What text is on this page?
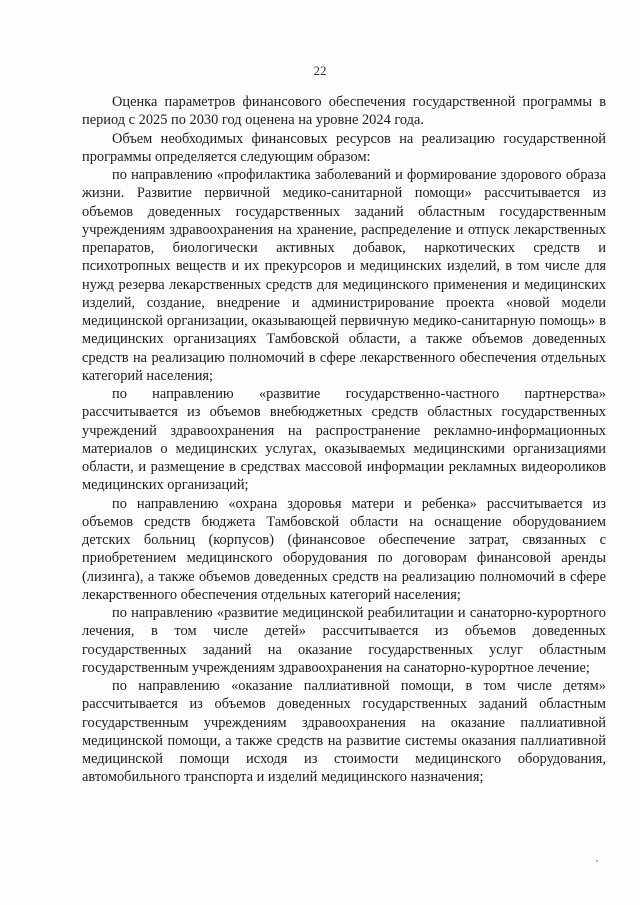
22

Оценка параметров финансового обеспечения государственной программы в период с 2025 по 2030 год оценена на уровне 2024 года.

Объем необходимых финансовых ресурсов на реализацию государственной программы определяется следующим образом:

по направлению «профилактика заболеваний и формирование здорового образа жизни. Развитие первичной медико-санитарной помощи» рассчитывается из объемов доведенных государственных заданий областным государственным учреждениям здравоохранения на хранение, распределение и отпуск лекарственных препаратов, биологически активных добавок, наркотических средств и психотропных веществ и их прекурсоров и медицинских изделий, в том числе для нужд резерва лекарственных средств для медицинского применения и медицинских изделий, создание, внедрение и администрирование проекта «новой модели медицинской организации, оказывающей первичную медико-санитарную помощь» в медицинских организациях Тамбовской области, а также объемов доведенных средств на реализацию полномочий в сфере лекарственного обеспечения отдельных категорий населения;

по направлению «развитие государственно-частного партнерства» рассчитывается из объемов внебюджетных средств областных государственных учреждений здравоохранения на распространение рекламно-информационных материалов о медицинских услугах, оказываемых медицинскими организациями области, и размещение в средствах массовой информации рекламных видеороликов медицинских организаций;

по направлению «охрана здоровья матери и ребенка» рассчитывается из объемов средств бюджета Тамбовской области на оснащение оборудованием детских больниц (корпусов) (финансовое обеспечение затрат, связанных с приобретением медицинского оборудования по договорам финансовой аренды (лизинга), а также объемов доведенных средств на реализацию полномочий в сфере лекарственного обеспечения отдельных категорий населения;

по направлению «развитие медицинской реабилитации и санаторно-курортного лечения, в том числе детей» рассчитывается из объемов доведенных государственных заданий на оказание государственных услуг областным государственным учреждениям здравоохранения на санаторно-курортное лечение;

по направлению «оказание паллиативной помощи, в том числе детям» рассчитывается из объемов доведенных государственных заданий областным государственным учреждениям здравоохранения на оказание паллиативной медицинской помощи, а также средств на развитие системы оказания паллиативной медицинской помощи исходя из стоимости медицинского оборудования, автомобильного транспорта и изделий медицинского назначения;
